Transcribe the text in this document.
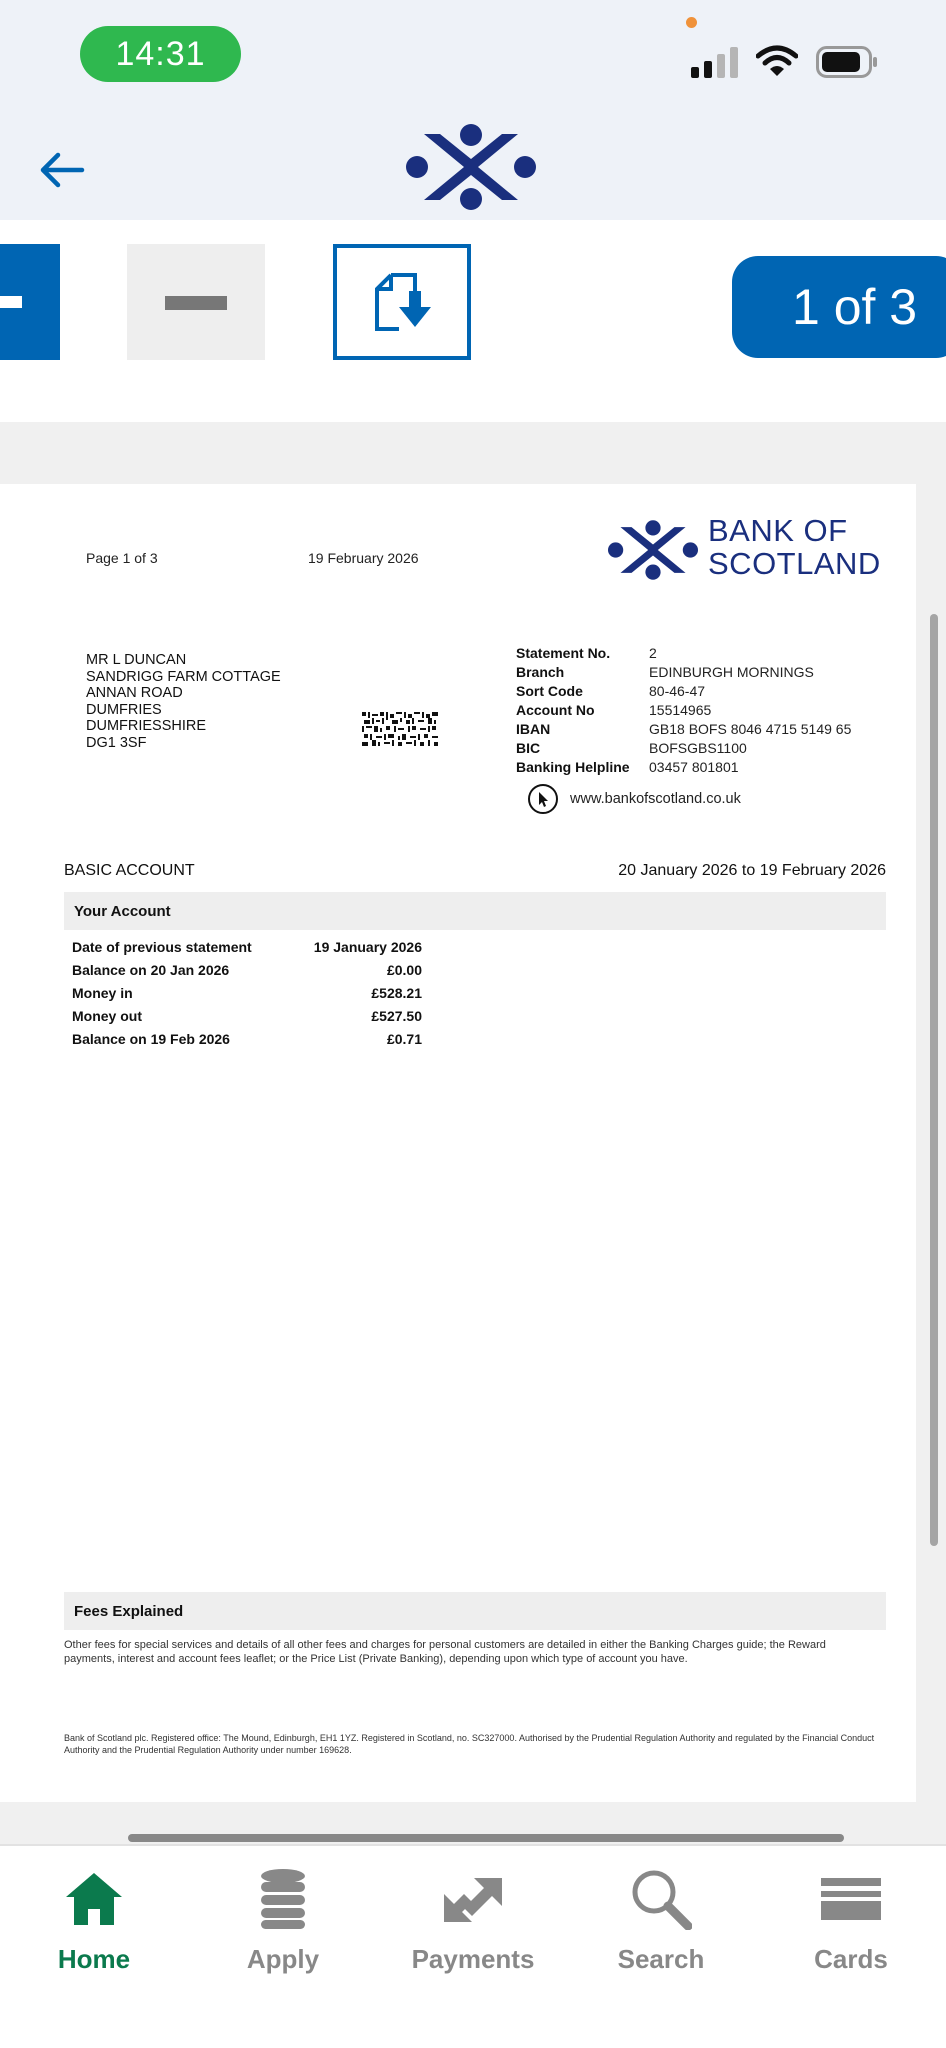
14:31
1 of 3
Page 1 of 3	19 February 2026
BANK OF
SCOTLAND
MR L DUNCAN
SANDRIGG FARM COTTAGE
ANNAN ROAD
DUMFRIES
DUMFRIESSHIRE
DG1 3SF
Statement No.	2
Branch	EDINBURGH MORNINGS
Sort Code	80-46-47
Account No	15514965
IBAN	GB18 BOFS 8046 4715 5149 65
BIC	BOFSGBS1100
Banking Helpline	03457 801801
www.bankofscotland.co.uk
BASIC ACCOUNT	20 January 2026 to 19 February 2026
Your Account
Date of previous statement	19 January 2026
Balance on 20 Jan 2026	£0.00
Money in	£528.21
Money out	£527.50
Balance on 19 Feb 2026	£0.71
Fees Explained
Other fees for special services and details of all other fees and charges for personal customers are detailed in either the Banking Charges guide; the Reward payments, interest and account fees leaflet; or the Price List (Private Banking), depending upon which type of account you have.
Bank of Scotland plc. Registered office: The Mound, Edinburgh, EH1 1YZ. Registered in Scotland, no. SC327000. Authorised by the Prudential Regulation Authority and regulated by the Financial Conduct Authority and the Prudential Regulation Authority under number 169628.
Home	Apply	Payments	Search	Cards
